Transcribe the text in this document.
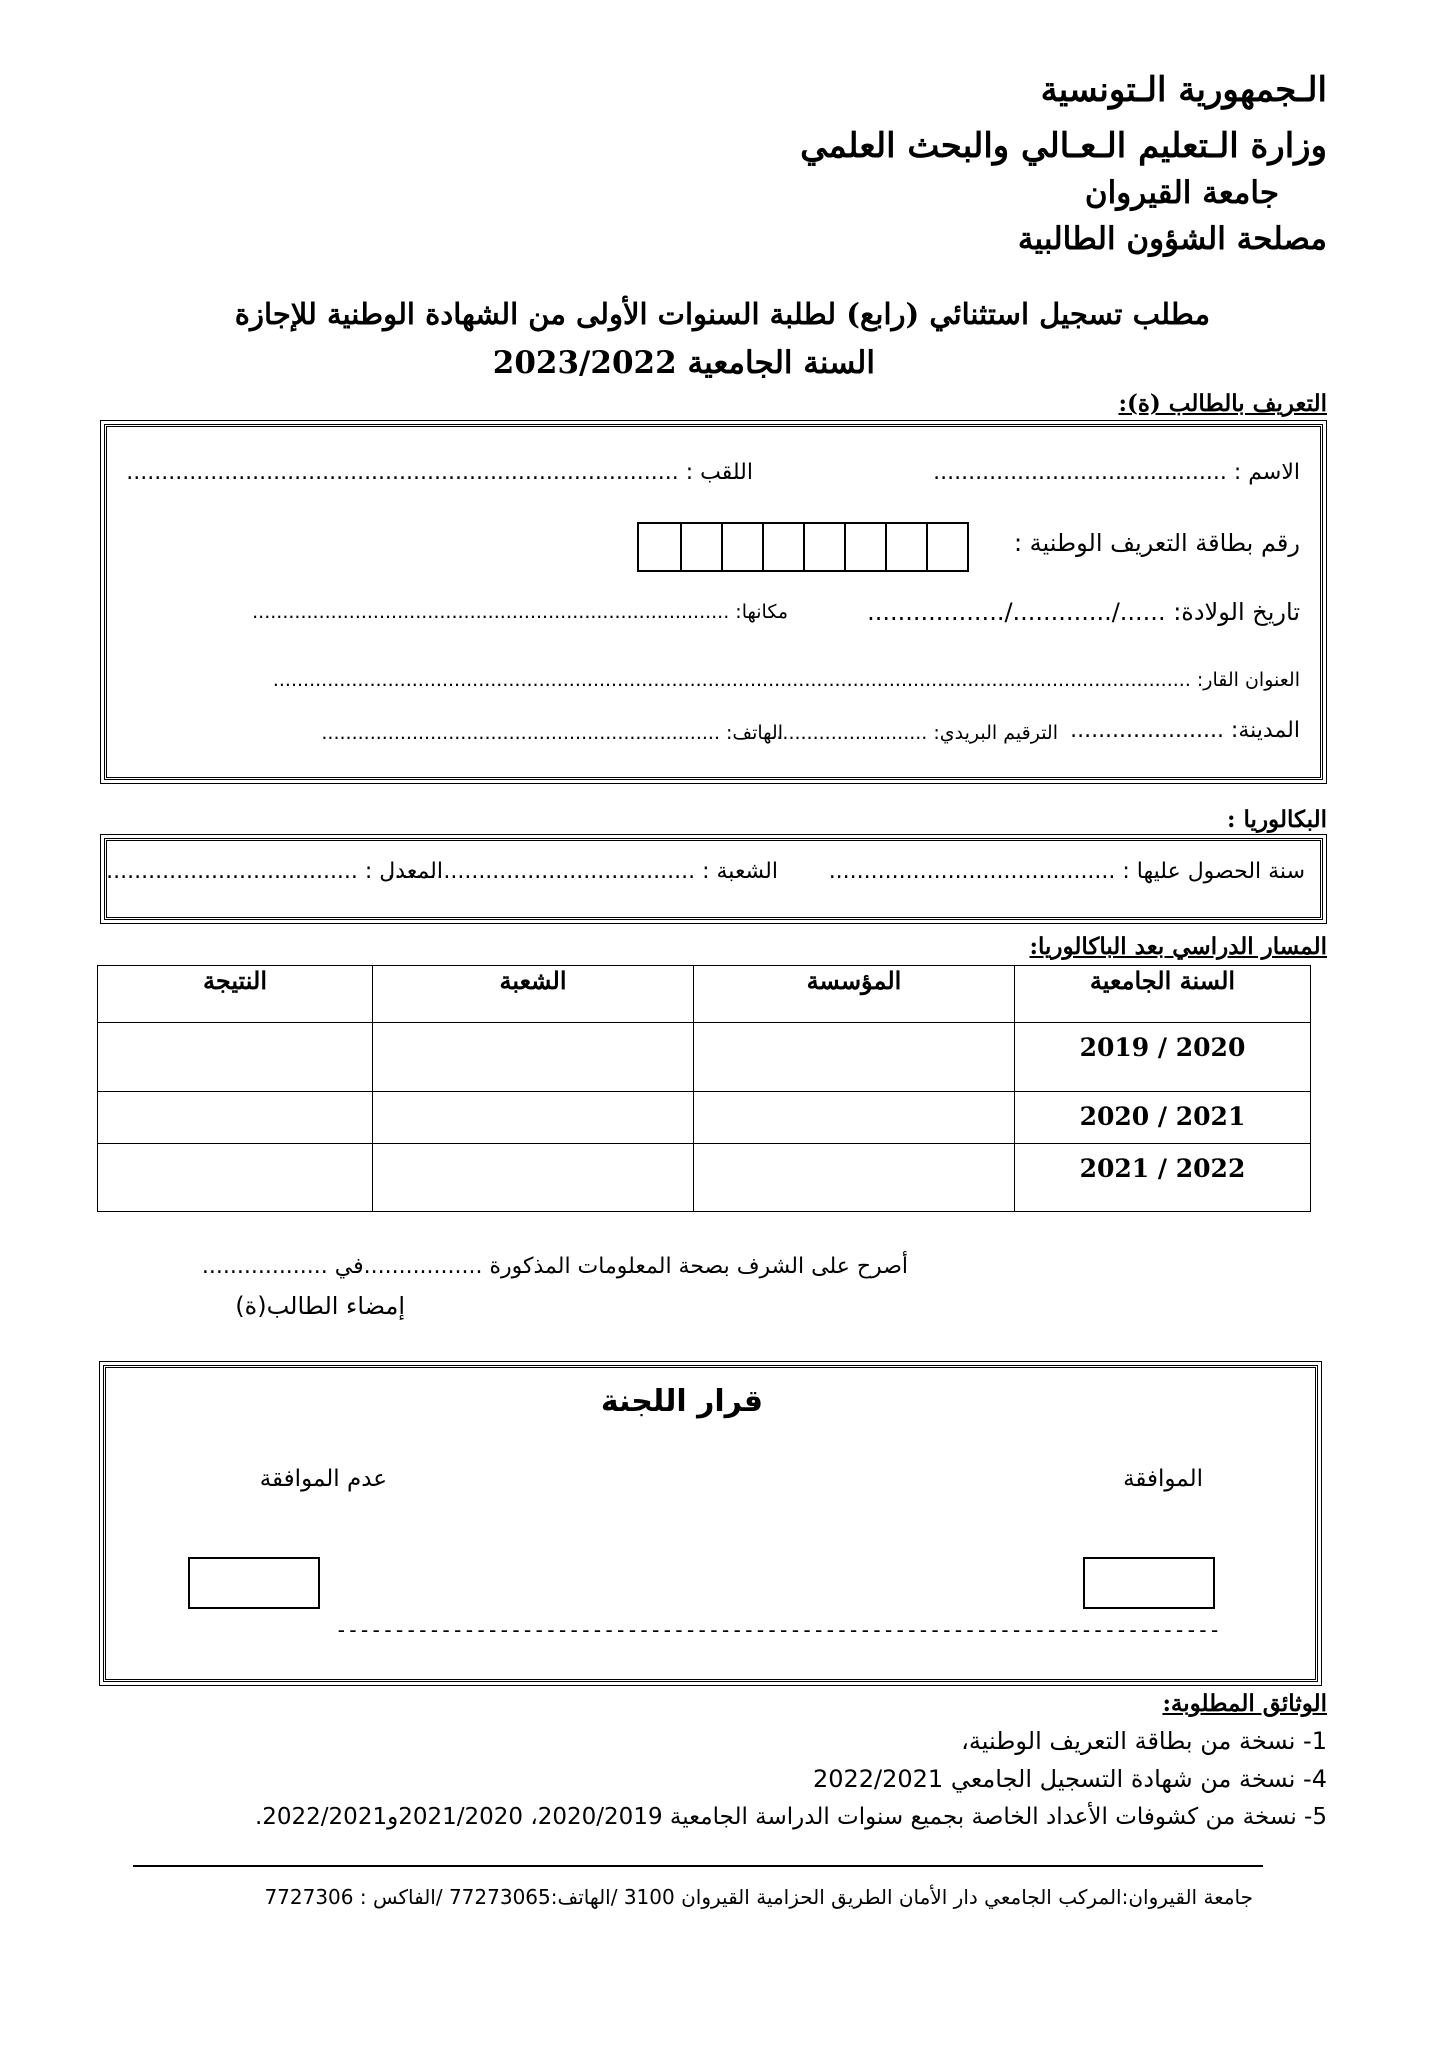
الـجمهورية الـتونسية
وزارة الـتعليم الـعـالي والبحث العلمي
جامعة القيروان
مصلحة الشؤون الطالبية
مطلب تسجيل استثنائي (رابع) لطلبة السنوات الأولى من الشهادة الوطنية للإجازة
السنة الجامعية 2023/2022
التعريف بالطالب (ة):
الاسم : ..........................................
اللقب : ...............................................................................
رقم بطاقة التعريف الوطنية :
تاريخ الولادة: ....../............./..................
مكانها: ...............................................................................
العنوان القار: ........................................................................................................................................................
المدينة: ......................
الترقيم البريدي: ...........................
الهاتف: ..................................................................
البكالوريا :
سنة الحصول عليها : .........................................
الشعبة : ............................................
المعدل : ....................................
المسار الدراسي بعد الباكالوريا:
السنة الجامعية	المؤسسة	الشعبة	النتيجة
2020 / 2019			
2021 / 2020			
2022 / 2021			
أصرح على الشرف بصحة المعلومات المذكورة .................في ..................
إمضاء الطالب(ة)
قرار اللجنة
الموافقة
عدم الموافقة
----------------------------------------------------------------------------
الوثائق المطلوبة:
1- نسخة من بطاقة التعريف الوطنية،
4- نسخة من شهادة التسجيل الجامعي 2022/2021
5- نسخة من كشوفات الأعداد الخاصة بجميع سنوات الدراسة الجامعية 2020/2019، 2021/2020و2022/2021.
جامعة القيروان:المركب الجامعي دار الأمان الطريق الحزامية القيروان 3100 /الهاتف:77273065 /الفاكس : 7727306
